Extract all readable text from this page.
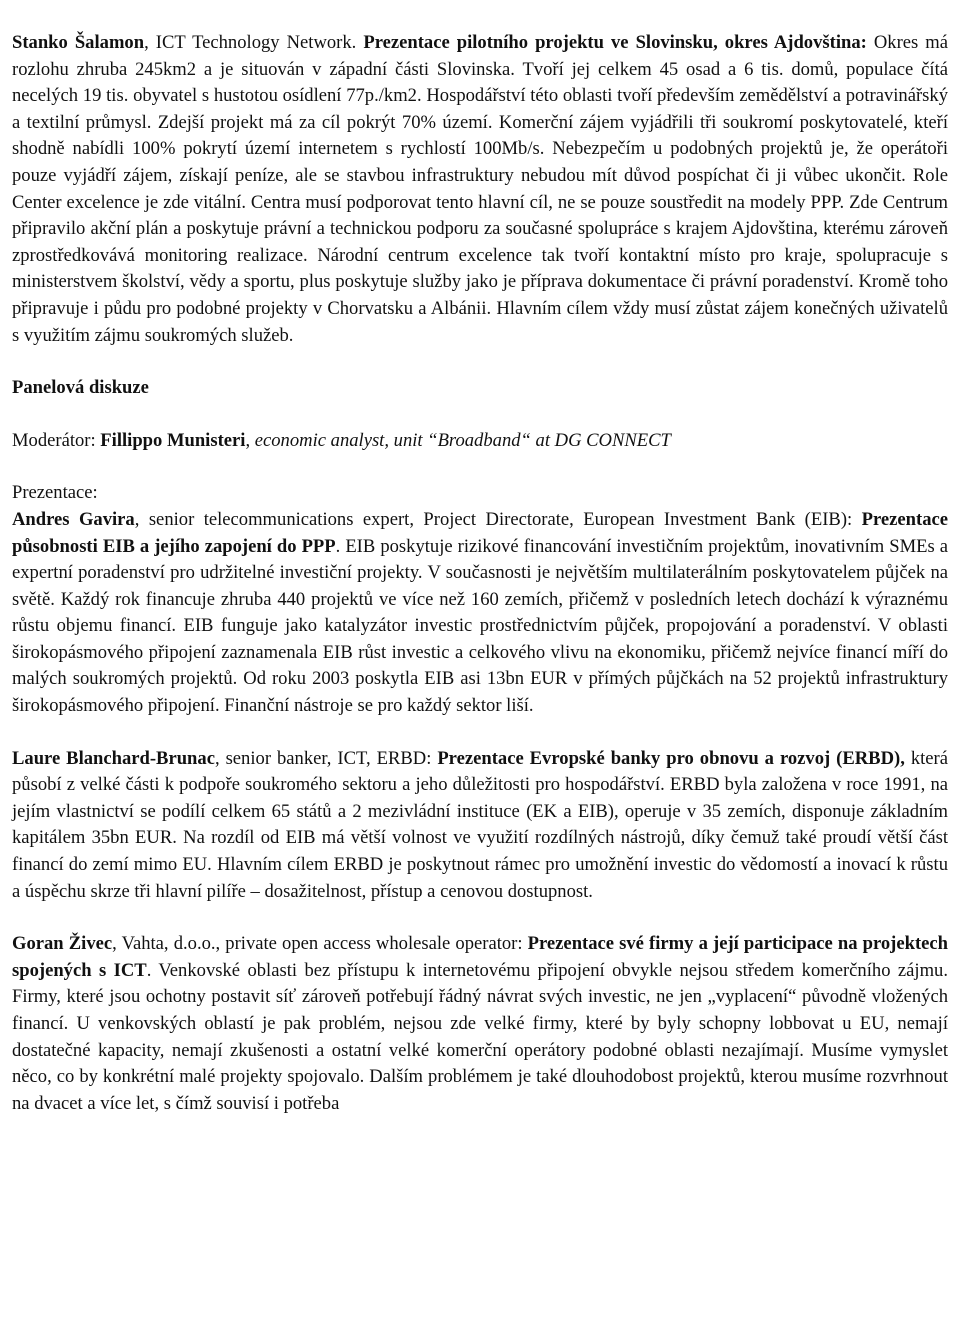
Stanko Šalamon, ICT Technology Network. Prezentace pilotního projektu ve Slovinsku, okres Ajdovština: Okres má rozlohu zhruba 245km2 a je situován v západní části Slovinska. Tvoří jej celkem 45 osad a 6 tis. domů, populace čítá necelých 19 tis. obyvatel s hustotou osídlení 77p./km2. Hospodářství této oblasti tvoří především zemědělství a potravinářský a textilní průmysl. Zdejší projekt má za cíl pokrýt 70% území. Komerční zájem vyjádřili tři soukromí poskytovatelé, kteří shodně nabídli 100% pokrytí území internetem s rychlostí 100Mb/s. Nebezpečím u podobných projektů je, že operátoři pouze vyjádří zájem, získají peníze, ale se stavbou infrastruktury nebudou mít důvod pospíchat či ji vůbec ukončit. Role Center excelence je zde vitální. Centra musí podporovat tento hlavní cíl, ne se pouze soustředit na modely PPP. Zde Centrum připravilo akční plán a poskytuje právní a technickou podporu za současné spolupráce s krajem Ajdovština, kterému zároveň zprostředkovává monitoring realizace. Národní centrum excelence tak tvoří kontaktní místo pro kraje, spolupracuje s ministerstvem školství, vědy a sportu, plus poskytuje služby jako je příprava dokumentace či právní poradenství. Kromě toho připravuje i půdu pro podobné projekty v Chorvatsku a Albánii. Hlavním cílem vždy musí zůstat zájem konečných uživatelů s využitím zájmu soukromých služeb.

Panelová diskuze

Moderátor: Fillippo Munisteri, economic analyst, unit “Broadband“ at DG CONNECT

Prezentace:

Andres Gavira, senior telecommunications expert, Project Directorate, European Investment Bank (EIB): Prezentace působnosti EIB a jejího zapojení do PPP. EIB poskytuje rizikové financování investičním projektům, inovativním SMEs a expertní poradenství pro udržitelné investiční projekty. V současnosti je největším multilaterálním poskytovatelem půjček na světě. Každý rok financuje zhruba 440 projektů ve více než 160 zemích, přičemž v posledních letech dochází k výraznému růstu objemu financí. EIB funguje jako katalyzátor investic prostřednictvím půjček, propojování a poradenství. V oblasti širokopásmového připojení zaznamenala EIB růst investic a celkového vlivu na ekonomiku, přičemž nejvíce financí míří do malých soukromých projektů. Od roku 2003 poskytla EIB asi 13bn EUR v přímých půjčkách na 52 projektů infrastruktury širokopásmového připojení. Finanční nástroje se pro každý sektor liší.

Laure Blanchard-Brunac, senior banker, ICT, ERBD: Prezentace Evropské banky pro obnovu a rozvoj (ERBD), která působí z velké části k podpoře soukromého sektoru a jeho důležitosti pro hospodářství. ERBD byla založena v roce 1991, na jejím vlastnictví se podílí celkem 65 států a 2 mezivládní instituce (EK a EIB), operuje v 35 zemích, disponuje základním kapitálem 35bn EUR. Na rozdíl od EIB má větší volnost ve využití rozdílných nástrojů, díky čemuž také proudí větší část financí do zemí mimo EU. Hlavním cílem ERBD je poskytnout rámec pro umožnění investic do vědomostí a inovací k růstu a úspěchu skrze tři hlavní pilíře – dosažitelnost, přístup a cenovou dostupnost.

Goran Živec, Vahta, d.o.o., private open access wholesale operator: Prezentace své firmy a její participace na projektech spojených s ICT. Venkovské oblasti bez přístupu k internetovému připojení obvykle nejsou středem komerčního zájmu. Firmy, které jsou ochotny postavit síť zároveň potřebují řádný návrat svých investic, ne jen „vyplacení“ původně vložených financí. U venkovských oblastí je pak problém, nejsou zde velké firmy, které by byly schopny lobbovat u EU, nemají dostatečné kapacity, nemají zkušenosti a ostatní velké komerční operátory podobné oblasti nezajímají. Musíme vymyslet něco, co by konkrétní malé projekty spojovalo. Dalším problémem je také dlouhodobost projektů, kterou musíme rozvrhnout na dvacet a více let, s čímž souvisí i potřeba
